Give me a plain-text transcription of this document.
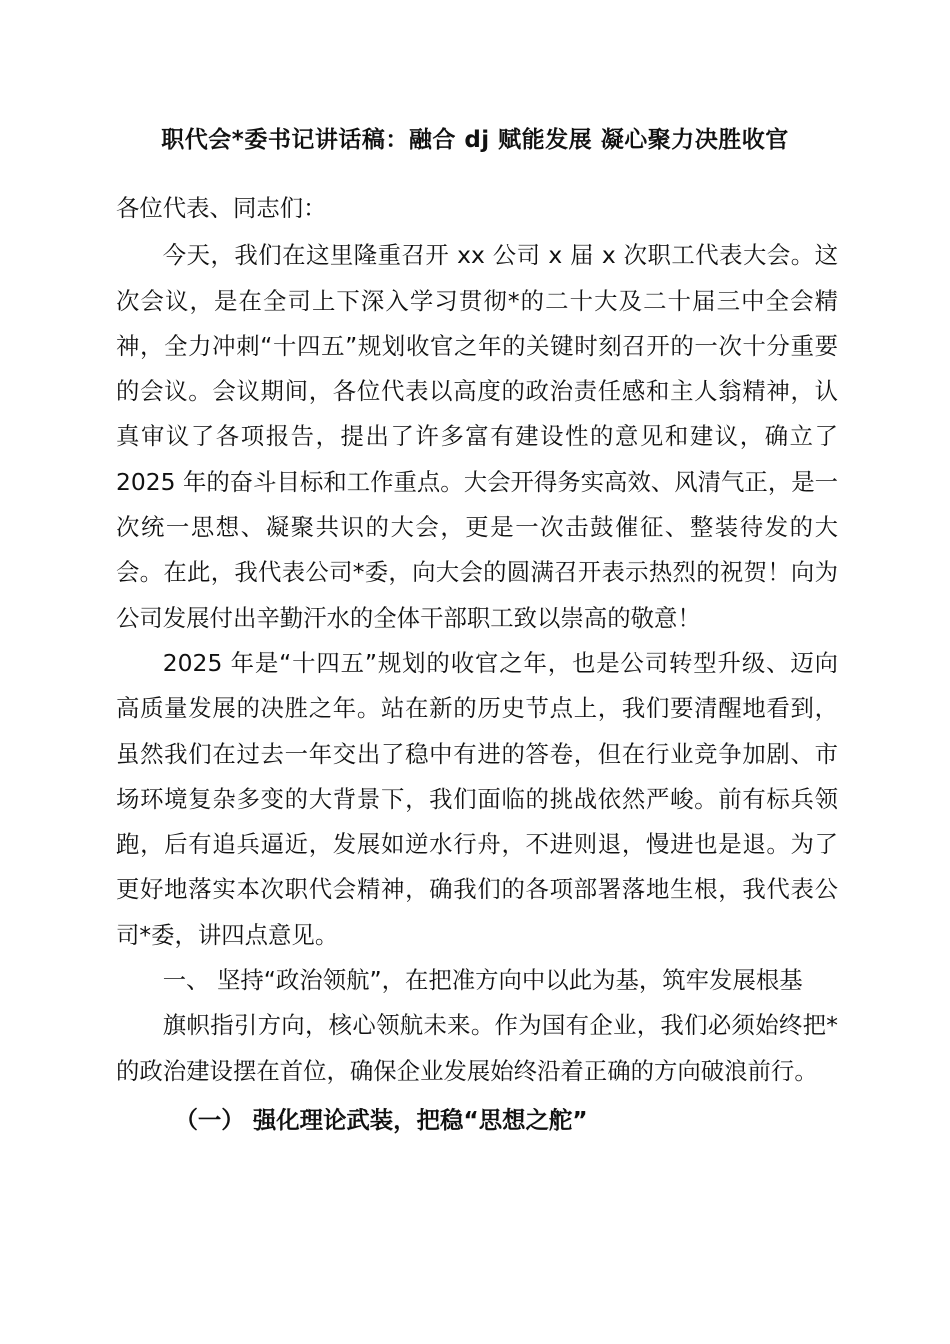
职代会*委书记讲话稿：融合 dj 赋能发展 凝心聚力决胜收官

各位代表、同志们：

今天，我们在这里隆重召开 xx 公司 x 届 x 次职工代表大会。这次会议，是在全司上下深入学习贯彻*的二十大及二十届三中全会精神，全力冲刺“十四五”规划收官之年的关键时刻召开的一次十分重要的会议。会议期间，各位代表以高度的政治责任感和主人翁精神，认真审议了各项报告，提出了许多富有建设性的意见和建议，确立了 2025 年的奋斗目标和工作重点。大会开得务实高效、风清气正，是一次统一思想、凝聚共识的大会，更是一次击鼓催征、整装待发的大会。在此，我代表公司*委，向大会的圆满召开表示热烈的祝贺！向为公司发展付出辛勤汗水的全体干部职工致以崇高的敬意！

2025 年是“十四五”规划的收官之年，也是公司转型升级、迈向高质量发展的决胜之年。站在新的历史节点上，我们要清醒地看到，虽然我们在过去一年交出了稳中有进的答卷，但在行业竞争加剧、市场环境复杂多变的大背景下，我们面临的挑战依然严峻。前有标兵领跑，后有追兵逼近，发展如逆水行舟，不进则退，慢进也是退。为了更好地落实本次职代会精神，确我们的各项部署落地生根，我代表公司*委，讲四点意见。

一、 坚持“政治领航”，在把准方向中以此为基，筑牢发展根基

旗帜指引方向，核心领航未来。作为国有企业，我们必须始终把*的政治建设摆在首位，确保企业发展始终沿着正确的方向破浪前行。

（一） 强化理论武装，把稳“思想之舵”
